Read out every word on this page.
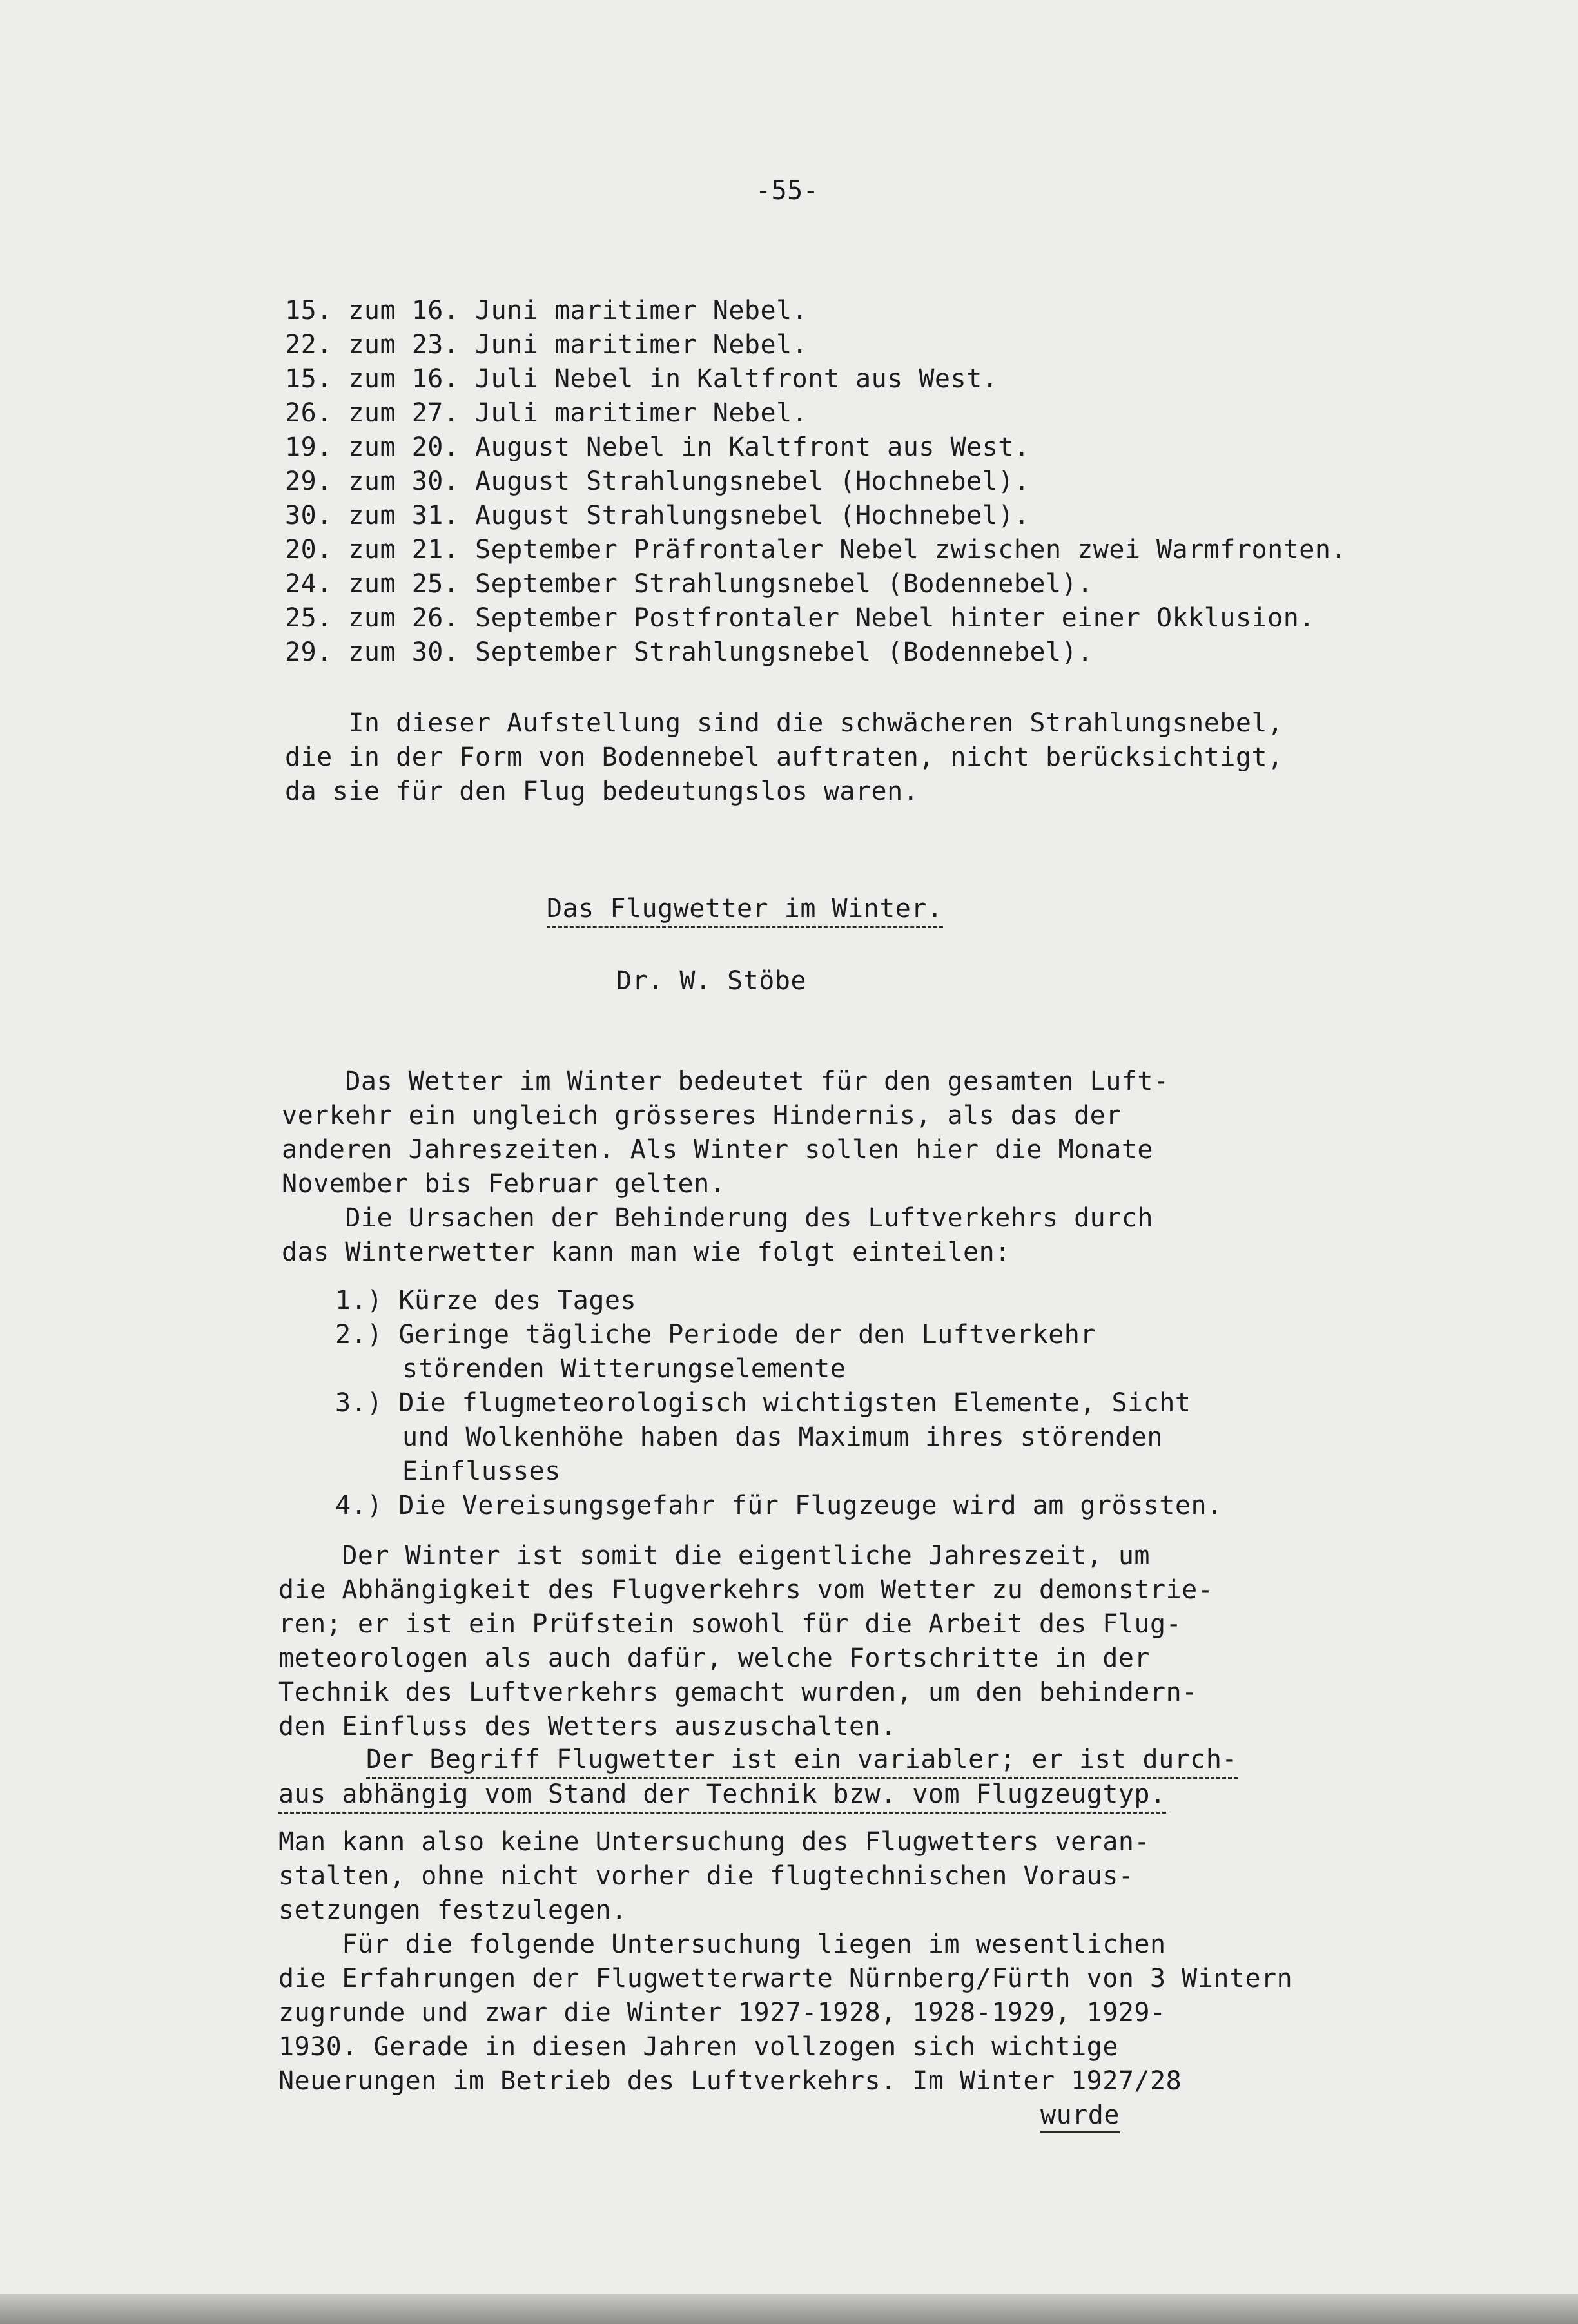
-55-
15. zum 16. Juni maritimer Nebel.
22. zum 23. Juni maritimer Nebel.
15. zum 16. Juli Nebel in Kaltfront aus West.
26. zum 27. Juli maritimer Nebel.
19. zum 20. August Nebel in Kaltfront aus West.
29. zum 30. August Strahlungsnebel (Hochnebel).
30. zum 31. August Strahlungsnebel (Hochnebel).
20. zum 21. September Präfrontaler Nebel zwischen zwei Warmfronten.
24. zum 25. September Strahlungsnebel (Bodennebel).
25. zum 26. September Postfrontaler Nebel hinter einer Okklusion.
29. zum 30. September Strahlungsnebel (Bodennebel).
In dieser Aufstellung sind die schwächeren Strahlungsnebel,
die in der Form von Bodennebel auftraten, nicht berücksichtigt,
da sie für den Flug bedeutungslos waren.
Das Flugwetter im Winter.
Dr. W. Stöbe
Das Wetter im Winter bedeutet für den gesamten Luft-
verkehr ein ungleich grösseres Hindernis, als das der
anderen Jahreszeiten. Als Winter sollen hier die Monate
November bis Februar gelten.
Die Ursachen der Behinderung des Luftverkehrs durch
das Winterwetter kann man wie folgt einteilen:
1.) Kürze des Tages
2.) Geringe tägliche Periode der den Luftverkehr
störenden Witterungselemente
3.) Die flugmeteorologisch wichtigsten Elemente, Sicht
und Wolkenhöhe haben das Maximum ihres störenden
Einflusses
4.) Die Vereisungsgefahr für Flugzeuge wird am grössten.
Der Winter ist somit die eigentliche Jahreszeit, um
die Abhängigkeit des Flugverkehrs vom Wetter zu demonstrie-
ren; er ist ein Prüfstein sowohl für die Arbeit des Flug-
meteorologen als auch dafür, welche Fortschritte in der
Technik des Luftverkehrs gemacht wurden, um den behindern-
den Einfluss des Wetters auszuschalten.
Der Begriff Flugwetter ist ein variabler; er ist durch-
aus abhängig vom Stand der Technik bzw. vom Flugzeugtyp.
Man kann also keine Untersuchung des Flugwetters veran-
stalten, ohne nicht vorher die flugtechnischen Voraus-
setzungen festzulegen.
Für die folgende Untersuchung liegen im wesentlichen
die Erfahrungen der Flugwetterwarte Nürnberg/Fürth von 3 Wintern
zugrunde und zwar die Winter 1927-1928, 1928-1929, 1929-
1930. Gerade in diesen Jahren vollzogen sich wichtige
Neuerungen im Betrieb des Luftverkehrs. Im Winter 1927/28
wurde
